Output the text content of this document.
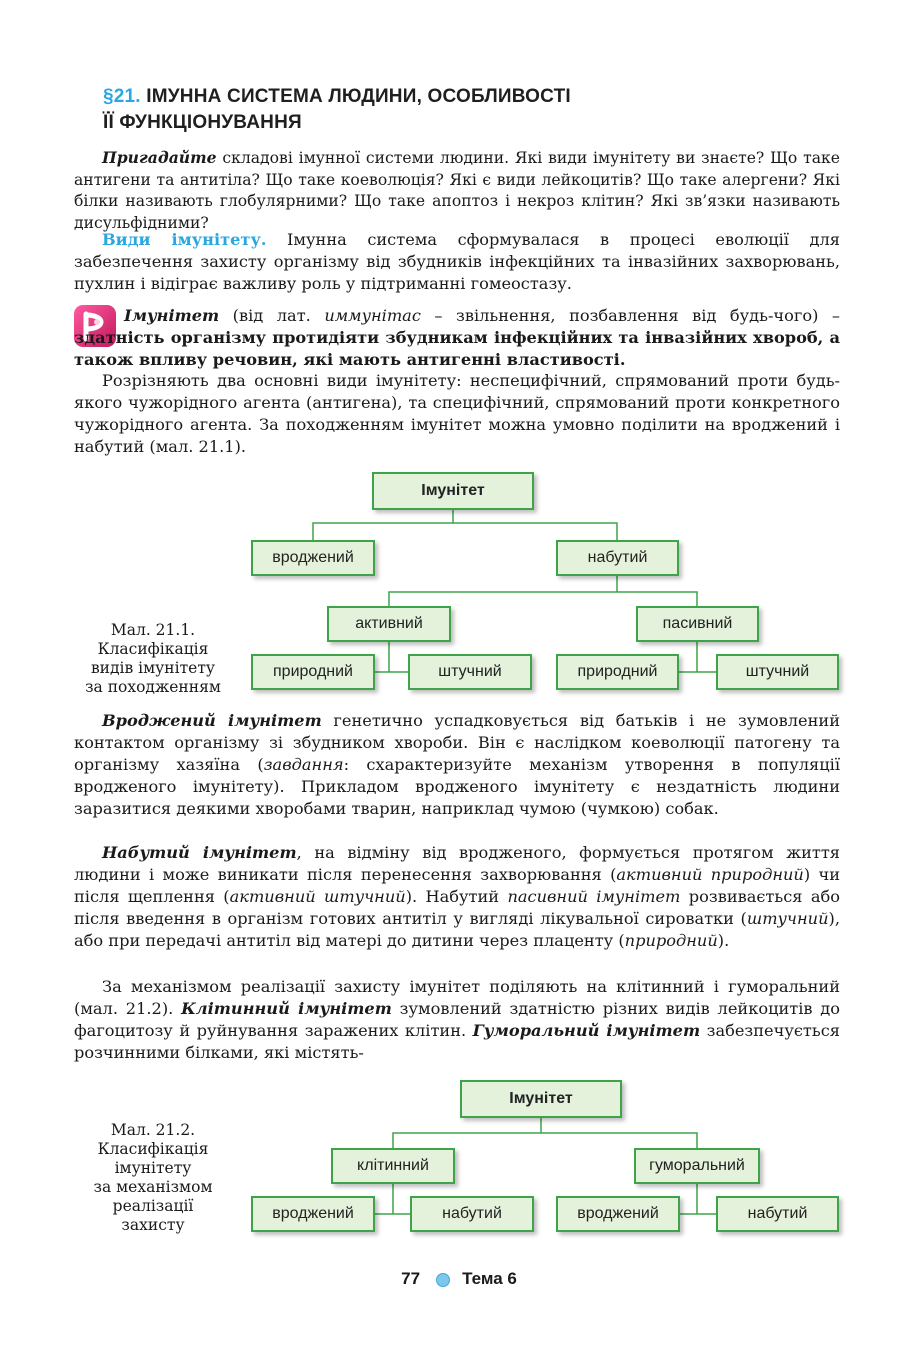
§21. ІМУННА СИСТЕМА ЛЮДИНИ, ОСОБЛИВОСТІ
ЇЇ ФУНКЦІОНУВАННЯ
Пригадайте складові імунної системи людини. Які види імунітету ви знаєте? Що таке антигени та антитіла? Що таке коеволюція? Які є види лейкоцитів? Що таке алергени? Які білки називають глобулярними? Що таке апоптоз і некроз клітин? Які зв’язки називають дисульфідними?
Види імунітету. Імунна система сформувалася в процесі еволюції для забезпечення захисту організму від збудників інфекційних та інвазійних захворювань, пухлин і відіграє важливу роль у підтриманні гомеостазу.
Імунітет (від лат. иммунітас – звільнення, позбавлення від будь-чого) – здатність організму протидіяти збудникам інфекційних та інвазійних хвороб, а також впливу речовин, які мають антигенні властивості.
Розрізняють два основні види імунітету: неспецифічний, спрямований проти будь-якого чужорідного агента (антигена), та специфічний, спрямований проти конкретного чужорідного агента. За походженням імунітет можна умовно поділити на вроджений і набутий (мал. 21.1).
Імунітет
вроджений	набутий
активний	пасивний
природний	штучний	природний	штучний
Мал. 21.1.
Класифікація
видів імунітету
за походженням
Вроджений імунітет генетично успадковується від батьків і не зумовлений контактом організму зі збудником хвороби. Він є наслідком коеволюції патогену та організму хазяїна (завдання: схарактеризуйте механізм утворення в популяції вродженого імунітету). Прикладом вродженого імунітету є нездатність людини заразитися деякими хворобами тварин, наприклад чумою (чумкою) собак.
Набутий імунітет, на відміну від вродженого, формується протягом життя людини і може виникати після перенесення захворювання (активний природний) чи після щеплення (активний штучний). Набутий пасивний імунітет розвивається або після введення в організм готових антитіл у вигляді лікувальної сироватки (штучний), або при передачі антитіл від матері до дитини через плаценту (природний).
За механізмом реалізації захисту імунітет поділяють на клітинний і гуморальний (мал. 21.2). Клітинний імунітет зумовлений здатністю різних видів лейкоцитів до фагоцитозу й руйнування заражених клітин. Гуморальний імунітет забезпечується розчинними білками, які містять-
Імунітет
клітинний	гуморальний
вроджений	набутий	вроджений	набутий
Мал. 21.2.
Класифікація
імунітету
за механізмом
реалізації
захисту
77 Тема 6
